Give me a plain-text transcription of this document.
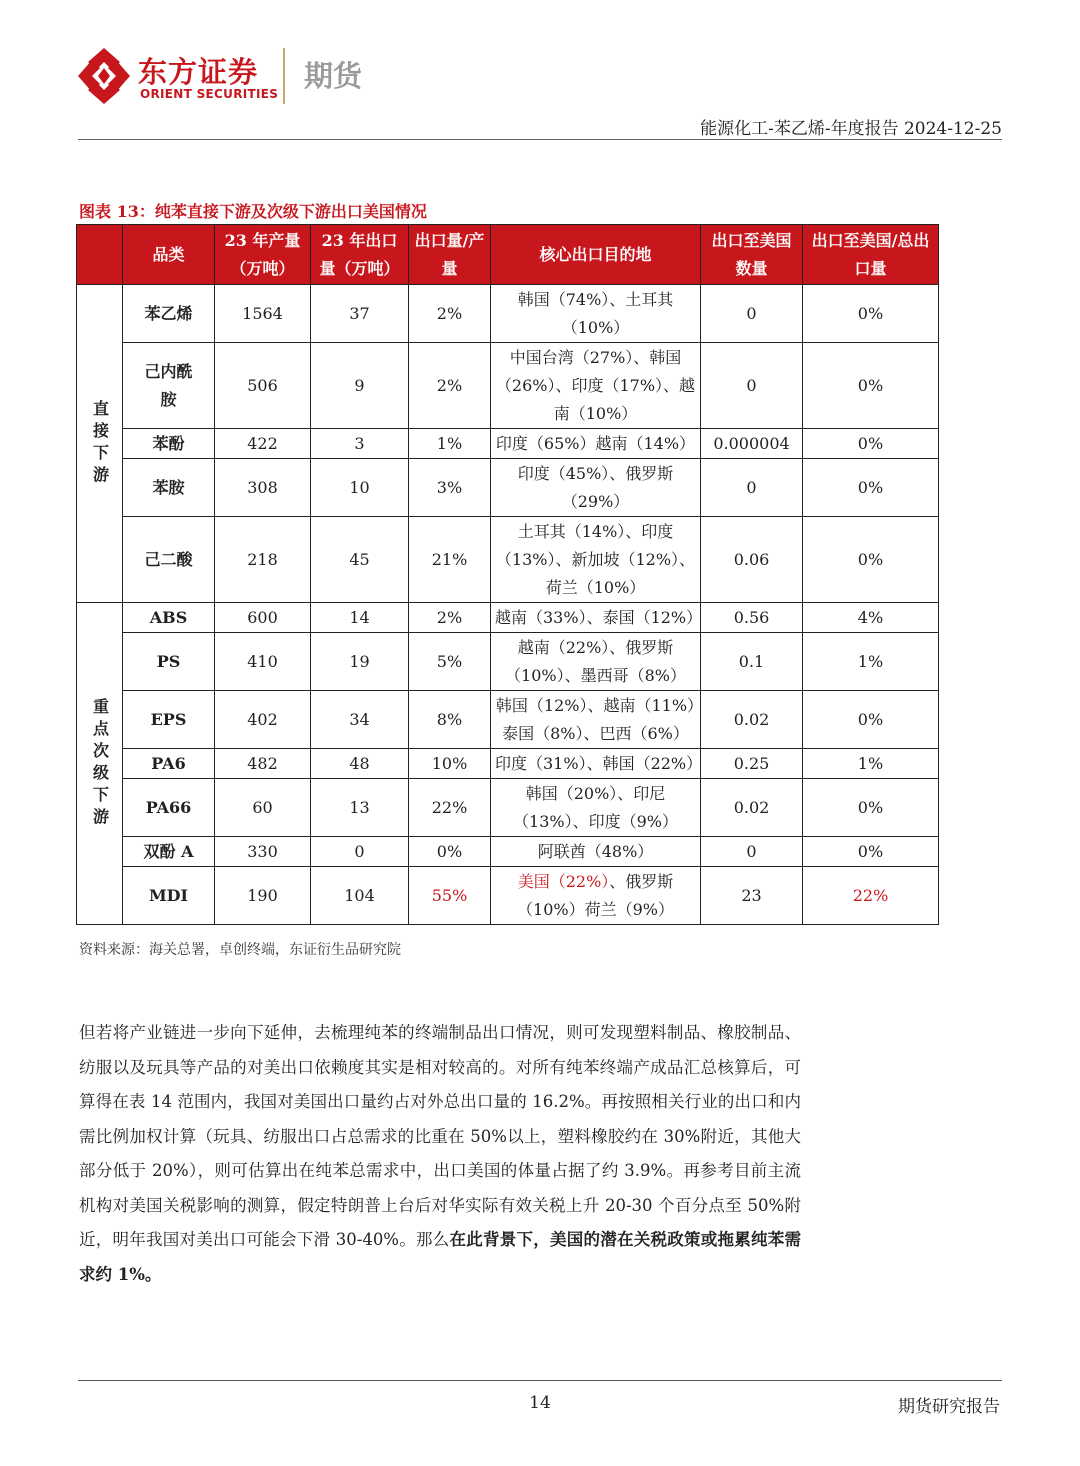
东方证券
ORIENT SECURITIES
期货
能源化工-苯乙烯-年度报告 2024-12-25
图表 13：纯苯直接下游及次级下游出口美国情况
	品类	23 年产量（万吨）	23 年出口量（万吨）	出口量/产量	核心出口目的地	出口至美国数量	出口至美国/总出口量
直接下游	苯乙烯	1564	37	2%	韩国（74%）、土耳其（10%）	0	0%
	己内酰胺	506	9	2%	中国台湾（27%）、韩国（26%）、印度（17%）、越南（10%）	0	0%
	苯酚	422	3	1%	印度（65%）越南（14%）	0.000004	0%
	苯胺	308	10	3%	印度（45%）、俄罗斯（29%）	0	0%
	己二酸	218	45	21%	土耳其（14%）、印度（13%）、新加坡（12%）、荷兰（10%）	0.06	0%
重点次级下游	ABS	600	14	2%	越南（33%）、泰国（12%）	0.56	4%
	PS	410	19	5%	越南（22%）、俄罗斯（10%）、墨西哥（8%）	0.1	1%
	EPS	402	34	8%	韩国（12%）、越南（11%）泰国（8%）、巴西（6%）	0.02	0%
	PA6	482	48	10%	印度（31%）、韩国（22%）	0.25	1%
	PA66	60	13	22%	韩国（20%）、印尼（13%）、印度（9%）	0.02	0%
	双酚 A	330	0	0%	阿联酋（48%）	0	0%
	MDI	190	104	55%	美国（22%）、俄罗斯（10%）荷兰（9%）	23	22%
资料来源：海关总署，卓创终端，东证衍生品研究院
但若将产业链进一步向下延伸，去梳理纯苯的终端制品出口情况，则可发现塑料制品、橡胶制品、纺服以及玩具等产品的对美出口依赖度其实是相对较高的。对所有纯苯终端产成品汇总核算后，可算得在表 14 范围内，我国对美国出口量约占对外总出口量的 16.2%。再按照相关行业的出口和内需比例加权计算（玩具、纺服出口占总需求的比重在 50%以上，塑料橡胶约在 30%附近，其他大部分低于 20%），则可估算出在纯苯总需求中，出口美国的体量占据了约 3.9%。再参考目前主流机构对美国关税影响的测算，假定特朗普上台后对华实际有效关税上升 20-30 个百分点至 50%附近，明年我国对美出口可能会下滑 30-40%。那么在此背景下，美国的潜在关税政策或拖累纯苯需求约 1%。
14	期货研究报告
